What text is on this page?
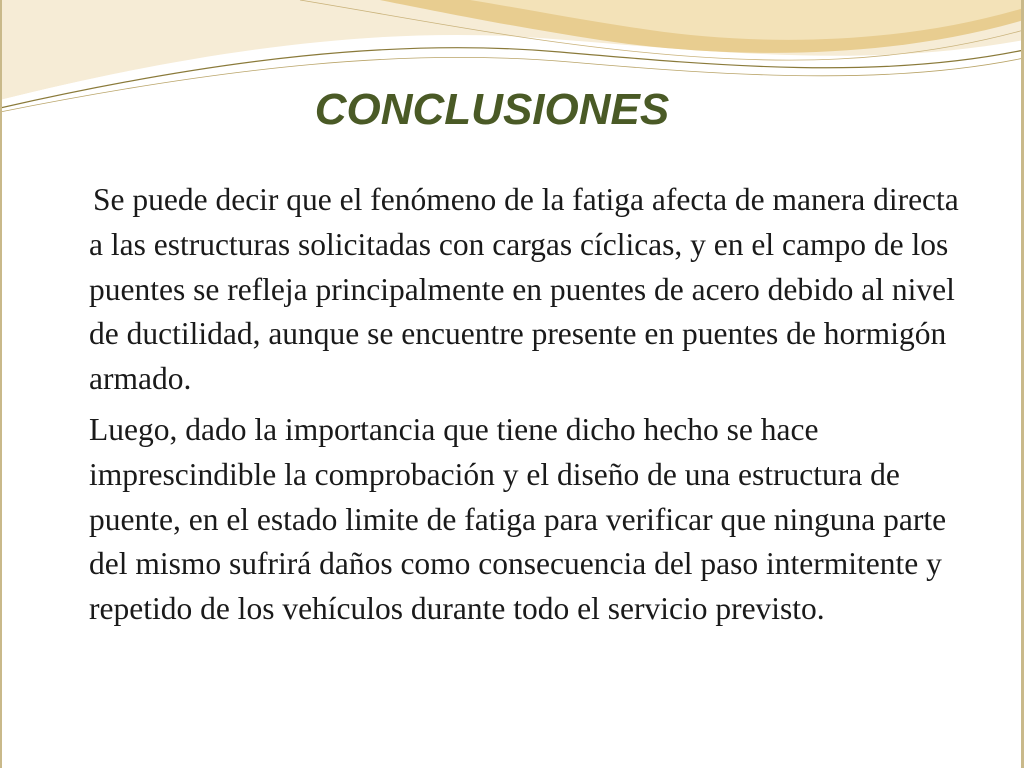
CONCLUSIONES

Se puede decir que el fenómeno de la fatiga afecta de manera directa a las estructuras solicitadas con cargas cíclicas, y en el campo de los puentes se refleja principalmente en puentes de acero debido al nivel de ductilidad, aunque se encuentre presente en puentes de hormigón armado.

Luego, dado la importancia que tiene dicho hecho se hace imprescindible la comprobación y el diseño de una estructura de puente, en el estado limite de fatiga para verificar que ninguna parte del mismo sufrirá daños como consecuencia del paso intermitente y repetido de los vehículos durante todo el servicio previsto.
